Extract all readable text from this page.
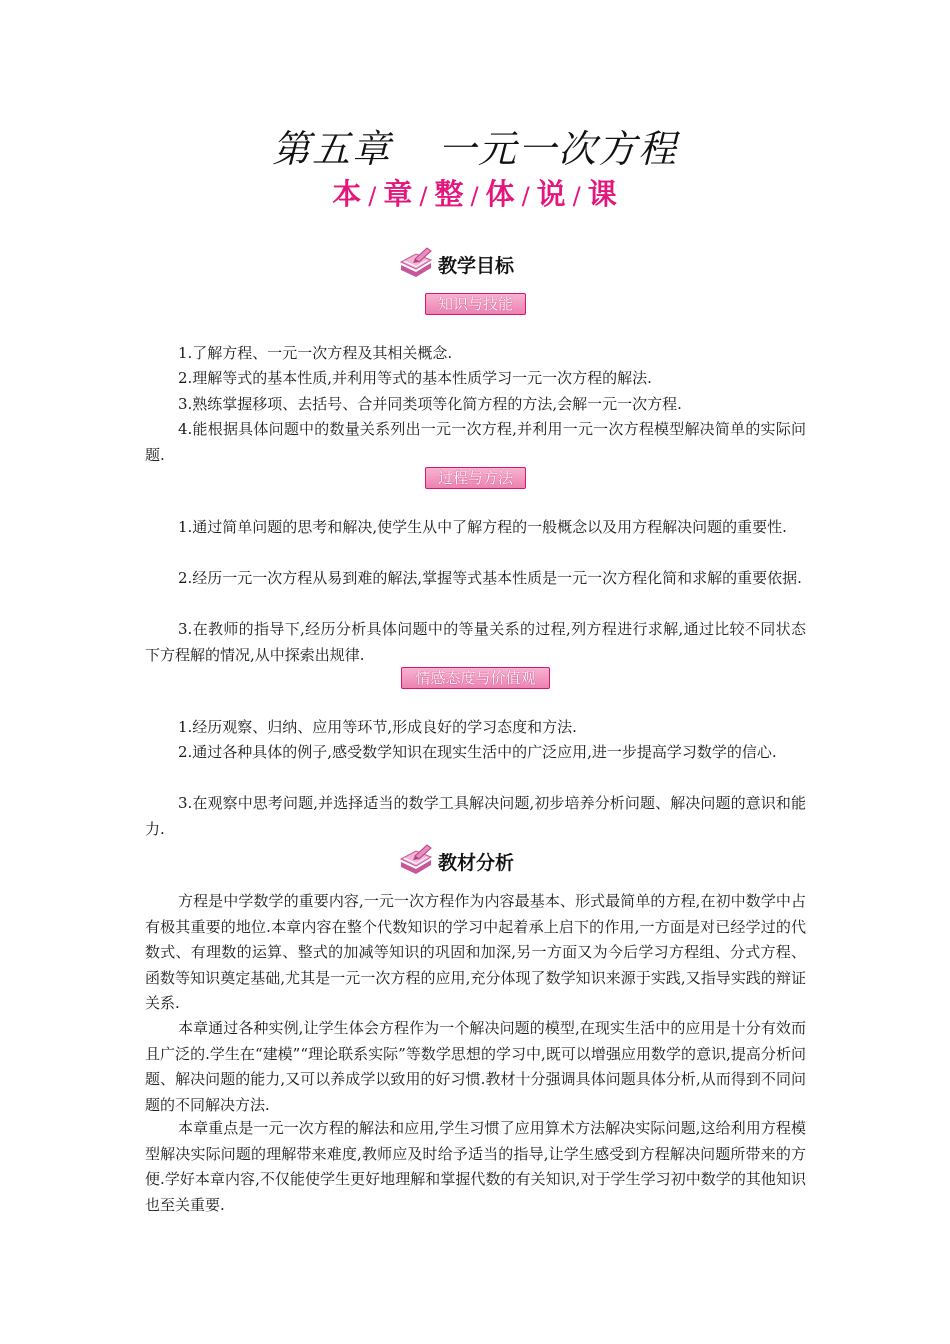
第五章 一元一次方程
本 / 章 / 整 / 体 / 说 / 课
教学目标
知识与技能

1.了解方程、一元一次方程及其相关概念.

2.理解等式的基本性质,并利用等式的基本性质学习一元一次方程的解法.

3.熟练掌握移项、去括号、合并同类项等化简方程的方法,会解一元一次方程.

4.能根据具体问题中的数量关系列出一元一次方程,并利用一元一次方程模型解决简单的实际问题.

过程与方法

1.通过简单问题的思考和解决,使学生从中了解方程的一般概念以及用方程解决问题的重要性.

2.经历一元一次方程从易到难的解法,掌握等式基本性质是一元一次方程化简和求解的重要依据.

3.在教师的指导下,经历分析具体问题中的等量关系的过程,列方程进行求解,通过比较不同状态下方程解的情况,从中探索出规律.

情感态度与价值观

1.经历观察、归纳、应用等环节,形成良好的学习态度和方法.

2.通过各种具体的例子,感受数学知识在现实生活中的广泛应用,进一步提高学习数学的信心.

3.在观察中思考问题,并选择适当的数学工具解决问题,初步培养分析问题、解决问题的意识和能力.

教材分析

方程是中学数学的重要内容,一元一次方程作为内容最基本、形式最简单的方程,在初中数学中占有极其重要的地位.本章内容在整个代数知识的学习中起着承上启下的作用,一方面是对已经学过的代数式、有理数的运算、整式的加减等知识的巩固和加深,另一方面又为今后学习方程组、分式方程、函数等知识奠定基础,尤其是一元一次方程的应用,充分体现了数学知识来源于实践,又指导实践的辩证关系.

本章通过各种实例,让学生体会方程作为一个解决问题的模型,在现实生活中的应用是十分有效而且广泛的.学生在“建模”“理论联系实际”等数学思想的学习中,既可以增强应用数学的意识,提高分析问题、解决问题的能力,又可以养成学以致用的好习惯.教材十分强调具体问题具体分析,从而得到不同问题的不同解决方法.

本章重点是一元一次方程的解法和应用,学生习惯了应用算术方法解决实际问题,这给利用方程模型解决实际问题的理解带来难度,教师应及时给予适当的指导,让学生感受到方程解决问题所带来的方便.学好本章内容,不仅能使学生更好地理解和掌握代数的有关知识,对于学生学习初中数学的其他知识也至关重要.
